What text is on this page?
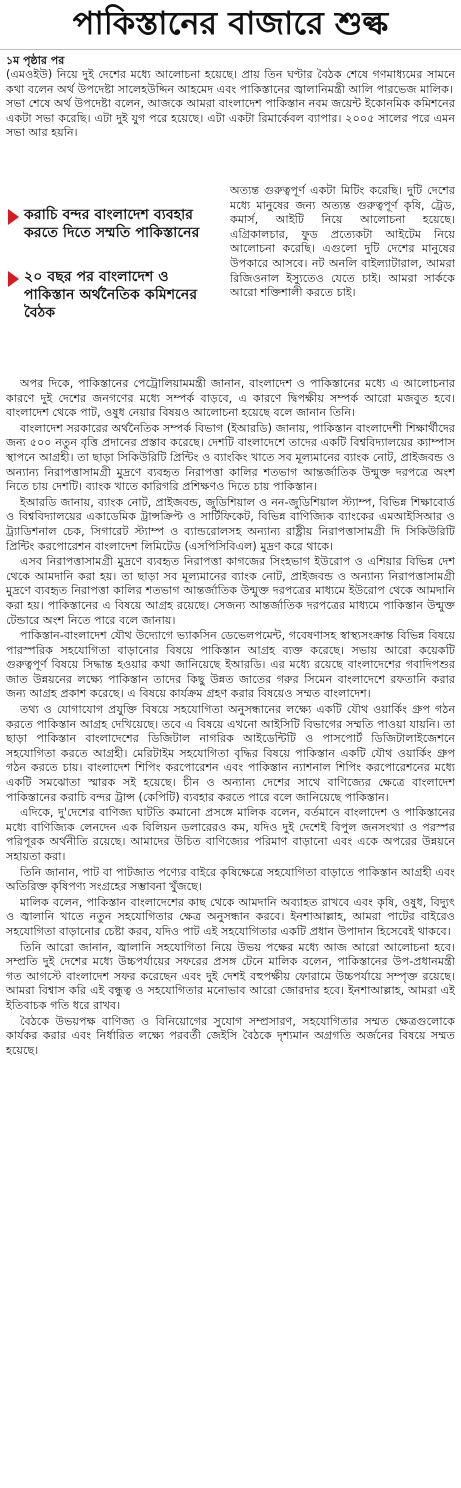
পাকিস্তানের বাজারে শুল্ক
১ম পৃষ্ঠার পর

(এমওইউ) নিয়ে দুই দেশের মধ্যে আলোচনা হয়েছে। প্রায় তিন ঘণ্টার বৈঠক শেষে গণমাধ্যমের সামনে কথা বলেন অর্থ উপদেষ্টা সালেহউদ্দিন আহমেদ এবং পাকিস্তানের জ্বালানিমন্ত্রী আলি পারভেজ মালিক।

সভা শেষে অর্থ উপদেষ্টা বলেন, আজকে আমরা বাংলাদেশ পাকিস্তান নবম জয়েন্ট ইকোনমিক কমিশনের একটা সভা করেছি। এটা দুই যুগ পরে হয়েছে। এটা একটা রিমার্কেবল ব্যাপার। ২০০৫ সালের পরে এমন সভা আর হয়নি।

করাচি বন্দর বাংলাদেশ ব্যবহার করতে দিতে সম্মতি পাকিস্তানের

২০ বছর পর বাংলাদেশ ও পাকিস্তান অর্থনৈতিক কমিশনের বৈঠক

অত্যন্ত গুরুত্বপূর্ণ একটা মিটিং করেছি। দুটি দেশের মধ্যে মানুষের জন্য অত্যন্ত গুরুত্বপূর্ণ কৃষি, ট্রেড, কমার্স, আইটি নিয়ে আলোচনা হয়েছে। এগ্রিকালচার, ফুড প্রত্যেকটা আইটেম নিয়ে আলোচনা করেছি। এগুলো দুটি দেশের মানুষের উপকারে আসবে। নট অনলি বাইল্যাটারাল, আমরা রিজিওনাল ইস্যুতেও যেতে চাই। আমরা সার্ককে আরো শক্তিশালী করতে চাই।

অপর দিকে, পাকিস্তানের পেট্রোলিয়ামমন্ত্রী জানান, বাংলাদেশ ও পাকিস্তানের মধ্যে এ আলোচনার কারণে দুই দেশের জনগণের মধ্যে সম্পর্ক বাড়বে, এ কারণে দ্বিপক্ষীয় সম্পর্ক আরো মজবুত হবে। বাংলাদেশ থেকে পাট, ওষুধ নেয়ার বিষয়ও আলোচনা হয়েছে বলে জানান তিনি।

বাংলাদেশ সরকারের অর্থনৈতিক সম্পর্ক বিভাগ (ইআরডি) জানায়, পাকিস্তান বাংলাদেশী শিক্ষার্থীদের জন্য ৫০০ নতুন বৃত্তি প্রদানের প্রস্তাব করেছে। দেশটি বাংলাদেশে তাদের একটি বিশ্ববিদ্যালয়ের ক্যাম্পাস স্থাপনে আগ্রহী। তা ছাড়া সিকিউরিটি প্রিন্টিং ও ব্যাংকিং খাতে সব মূল্যমানের ব্যাংক নোট, প্রাইজবন্ড ও অন্যান্য নিরাপত্তাসামগ্রী মুদ্রণে ব্যবহৃত নিরাপত্তা কালির শতভাগ আন্তর্জাতিক উন্মুক্ত দরপত্রে অংশ নিতে চায় দেশটি। ব্যাংক খাতে কারিগরি প্রশিক্ষণও দিতে চায় পাকিস্তান।

ইআরডি জানায়, ব্যাংক নোট, প্রাইজবন্ড, জুডিশিয়াল ও নন-জুডিশিয়াল স্ট্যাম্প, বিভিন্ন শিক্ষাবোর্ড ও বিশ্ববিদ্যালয়ের একাডেমিক ট্রান্সক্রিপ্ট ও সার্টিফিকেট, বিভিন্ন বাণিজ্যিক ব্যাংকের এমআইসিআর ও ট্র্যাডিশনাল চেক, সিগারেট স্ট্যাম্প ও ব্যান্ডরোলসহ অন্যান্য রাষ্ট্রীয় নিরাপত্তাসামগ্রী দি সিকিউরিটি প্রিন্টিং করপোরেশন বাংলাদেশ লিমিটেড (এসপিসিবিএল) মুদ্রণ করে থাকে।

এসব নিরাপত্তাসামগ্রী মুদ্রণে ব্যবহৃত নিরাপত্তা কাগজের সিংহভাগ ইউরোপ ও এশিয়ার বিভিন্ন দেশ থেকে আমদানি করা হয়। তা ছাড়া সব মূল্যমানের ব্যাংক নোট, প্রাইজবন্ড ও অন্যান্য নিরাপত্তাসামগ্রী মুদ্রণে ব্যবহৃত নিরাপত্তা কালির শতভাগ আন্তর্জাতিক উন্মুক্ত দরপত্রের মাধ্যমে ইউরোপ থেকে আমদানি করা হয়। পাকিস্তানের এ বিষয়ে আগ্রহ রয়েছে। সেজন্য আন্তর্জাতিক দরপত্রের মাধ্যমে পাকিস্তান উন্মুক্ত টেন্ডারে অংশ নিতে পারে বলে জানায়।

পাকিস্তান-বাংলাদেশ যৌথ উদ্যোগে ভ্যাকসিন ডেভেলপমেন্ট, গবেষণাসহ স্বাস্থ্যসংক্রান্ত বিভিন্ন বিষয়ে পারস্পরিক সহযোগিতা বাড়ানোর বিষয়ে পাকিস্তান আগ্রহ ব্যক্ত করেছে। সভায় আরো কয়েকটি গুরুত্বপূর্ণ বিষয়ে সিদ্ধান্ত হওয়ার কথা জানিয়েছে ইআরডি। এর মধ্যে রয়েছে বাংলাদেশের গবাদিপশুর জাত উন্নয়নের লক্ষ্যে পাকিস্তান তাদের কিছু উন্নত জাতের গরুর সিমেন বাংলাদেশে রফতানি করার জন্য আগ্রহ প্রকাশ করেছে। এ বিষয়ে কার্যক্রম গ্রহণ করার বিষয়েও সম্মত বাংলাদেশ।

তথ্য ও যোগাযোগ প্রযুক্তি বিষয়ে সহযোগিতা অনুসন্ধানের লক্ষ্যে একটি যৌথ ওয়ার্কিং গ্রুপ গঠন করতে পাকিস্তান আগ্রহ দেখিয়েছে। তবে এ বিষয়ে এখনো আইসিটি বিভাগের সম্মতি পাওয়া যায়নি। তা ছাড়া পাকিস্তান বাংলাদেশের ডিজিটাল নাগরিক আইডেন্টিটি ও পাসপোর্ট ডিজিটালাইজেশনে সহযোগিতা করতে আগ্রহী। মেরিটাইম সহযোগিতা বৃদ্ধির বিষয়ে পাকিস্তান একটি যৌথ ওয়ার্কিং গ্রুপ গঠন করতে চায়। বাংলাদেশ শিপিং করপোরেশন এবং পাকিস্তান ন্যাশনাল শিপিং করপোরেশনের মধ্যে একটি সমঝোতা স্মারক সই হয়েছে। চীন ও অন্যান্য দেশের সাথে বাণিজ্যের ক্ষেত্রে বাংলাদেশ পাকিস্তানের করাচি বন্দর ট্রান্স (কেপিটি) ব্যবহার করতে পারে বলে জানিয়েছে পাকিস্তান।

এদিকে, দু'দেশের বাণিজ্য ঘাটতি কমানো প্রসঙ্গে মালিক বলেন, বর্তমানে বাংলাদেশ ও পাকিস্তানের মধ্যে বাণিজ্যিক লেনদেন এক বিলিয়ন ডলারেরও কম, যদিও দুই দেশেই বিপুল জনসংখ্যা ও পরস্পর পরিপূরক অর্থনীতি রয়েছে। আমাদের উচিত বাণিজ্যের পরিমাণ বাড়ানো এবং একে অপরের উন্নয়নে সহায়তা করা।

তিনি জানান, পাট বা পাটজাত পণ্যের বাইরে কৃষিক্ষেত্রে সহযোগিতা বাড়াতে পাকিস্তান আগ্রহী এবং অতিরিক্ত কৃষিপণ্য সংগ্রহের সম্ভাবনা খুঁজছে।

মালিক বলেন, পাকিস্তান বাংলাদেশের কাছ থেকে আমদানি অব্যাহত রাখবে এবং কৃষি, ওষুধ, বিদ্যুৎ ও জ্বালানি খাতে নতুন সহযোগিতার ক্ষেত্র অনুসন্ধান করবে। ইনশাআল্লাহ, আমরা পাটের বাইরেও সহযোগিতা বাড়ানোর চেষ্টা করব, যদিও পাট এই সহযোগিতার একটি প্রধান উপাদান হিসেবেই থাকবে।

তিনি আরো জানান, জ্বালানি সহযোগিতা নিয়ে উভয় পক্ষের মধ্যে আজ আরো আলোচনা হবে। সম্প্রতি দুই দেশের মধ্যে উচ্চপর্যায়ের সফরের প্রসঙ্গ টেনে মালিক বলেন, পাকিস্তানের উপ-প্রধানমন্ত্রী গত আগস্টে বাংলাদেশ সফর করেছেন এবং দুই দেশই বহুপক্ষীয় ফোরামে উচ্চপর্যায়ে সম্পৃক্ত রয়েছে। আমরা বিশ্বাস করি এই বন্ধুত্ব ও সহযোগিতার মনোভাব আরো জোরদার হবে। ইনশাআল্লাহ, আমরা এই ইতিবাচক গতি ধরে রাখব।

বৈঠকে উভয়পক্ষ বাণিজ্য ও বিনিয়োগের সুযোগ সম্প্রসারণ, সহযোগিতার সম্মত ক্ষেত্রগুলোকে কার্যকর করার এবং নির্ধারিত লক্ষ্যে পরবর্তী জেইসি বৈঠকে দৃশ্যমান অগ্রগতি অর্জনের বিষয়ে সম্মত হয়েছে।
